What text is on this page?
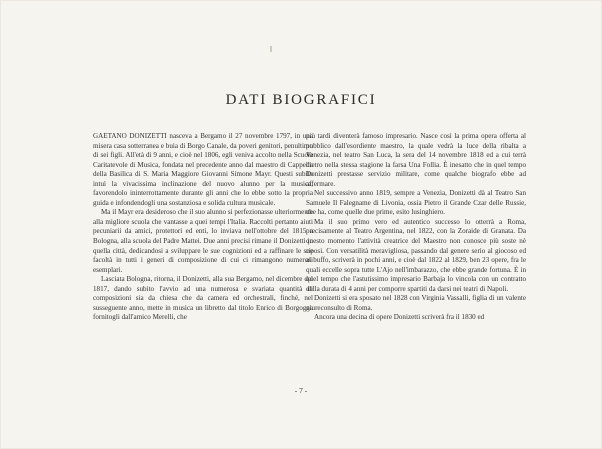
DATI BIOGRAFICI

GAETANO DONIZETTI nasceva a Bergamo il 27 novembre 1797, in una misera casa sotterranea e buia di Borgo Canale, da poveri genitori, penultimo di sei figli. All'età di 9 anni, e cioè nel 1806, egli veniva accolto nella Scuola Caritatevole di Musica, fondata nel precedente anno dal maestro di Cappella della Basilica di S. Maria Maggiore Giovanni Simone Mayr. Questi subito intuì la vivacissima inclinazione del nuovo alunno per la musica, favorendolo ininterrottamente durante gli anni che lo ebbe sotto la propria guida e infondendogli una sostanziosa e solida cultura musicale.

Ma il Mayr era desideroso che il suo alunno si perfezionasse ulteriormente alla migliore scuola che vantasse a quei tempi l'Italia. Raccolti pertanto aiuti pecuniarii da amici, protettori ed enti, lo inviava nell'ottobre del 1815 a Bologna, alla scuola del Padre Mattei. Due anni precisi rimane il Donizetti in quella città, dedicandosi a sviluppare le sue cognizioni ed a raffinare le sue facoltà in tutti i generi di composizione di cui ci rimangono numerosi esemplari.

Lasciata Bologna, ritorna, il Donizetti, alla sua Bergamo, nel dicembre del 1817, dando subito l'avvio ad una numerosa e svariata quantità di composizioni sia da chiesa che da camera ed orchestrali, finché, nel susseguente anno, mette in musica un libretto dal titolo Enrico di Borgogna fornitogli dall'amico Merelli, che

più tardi diventerà famoso impresario. Nasce così la prima opera offerta al pubblico dall'esordiente maestro, la quale vedrà la luce della ribalta a Venezia, nel teatro San Luca, la sera del 14 novembre 1818 ed a cui terrà dietro nella stessa stagione la farsa Una Follia. È inesatto che in quel tempo Donizetti prestasse servizio militare, come qualche biografo ebbe ad affermare.

Nel successivo anno 1819, sempre a Venezia, Donizetti dà al Teatro San Samuele Il Falegname di Livonia, ossia Pietro il Grande Czar delle Russie, che ha, come quelle due prime, esito lusinghiero.

Ma il suo primo vero ed autentico successo lo otterrà a Roma, precisamente al Teatro Argentina, nel 1822, con la Zoraide di Granata. Da questo momento l'attività creatrice del Maestro non conosce più soste nè riposi. Con versatilità meravigliosa, passando dal genere serio al giocoso ed al buffo, scriverà in pochi anni, e cioè dal 1822 al 1829, ben 23 opere, fra le quali eccelle sopra tutte L'Ajo nell'imbarazzo, che ebbe grande fortuna. È in quel tempo che l'astutissimo impresario Barbaja lo vincola con un contratto della durata di 4 anni per comporre spartiti da darsi nei teatri di Napoli.

Donizetti si era sposato nel 1828 con Virginia Vassalli, figlia di un valente giureconsulto di Roma.

Ancora una decina di opere Donizetti scriverà fra il 1830 ed

- 7 -
